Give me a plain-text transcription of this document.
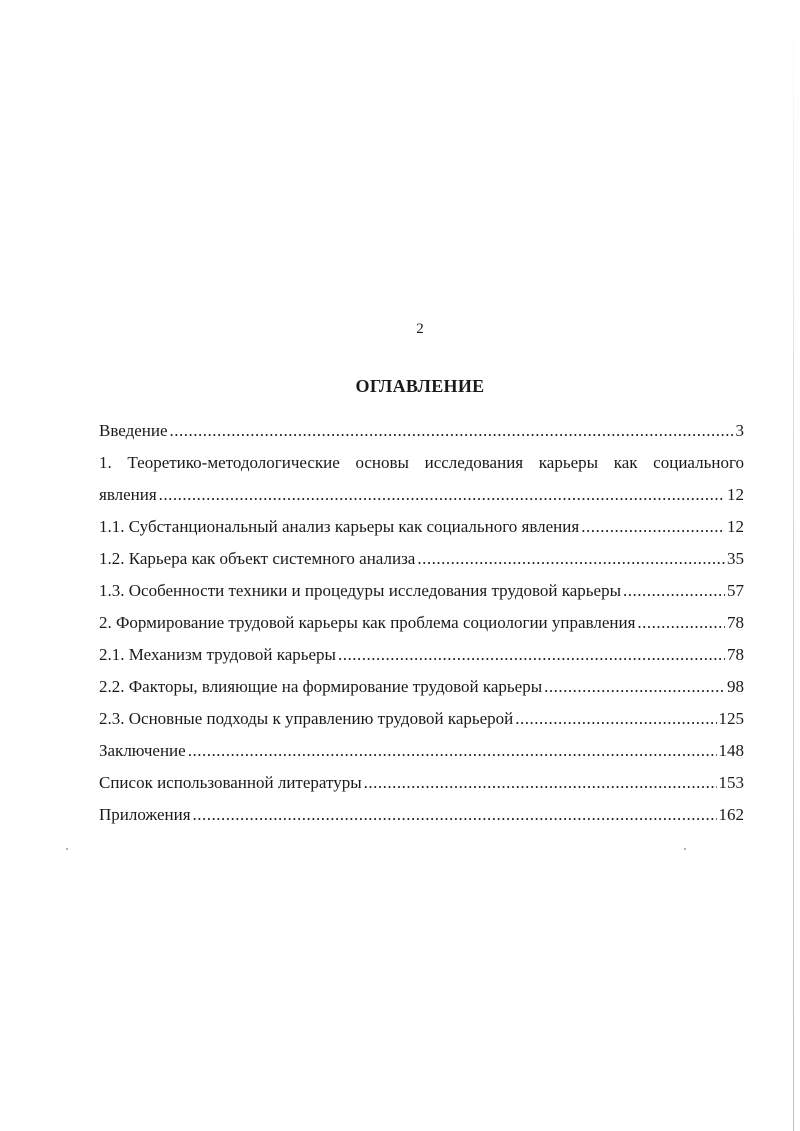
2
ОГЛАВЛЕНИЕ
Введение .....	3
1. Теоретико-методологические основы исследования карьеры как социального
явления .....	12
1.1. Субстанциональный анализ карьеры как социального явления .....	12
1.2. Карьера как объект системного анализа .....	35
1.3. Особенности техники и процедуры исследования трудовой карьеры .....	57
2. Формирование трудовой карьеры как проблема социологии управления .....	78
2.1. Механизм трудовой карьеры .....	78
2.2. Факторы, влияющие на формирование трудовой карьеры .....	98
2.3. Основные подходы к управлению трудовой карьерой .....	125
Заключение .....	148
Список использованной литературы .....	153
Приложения .....	162
